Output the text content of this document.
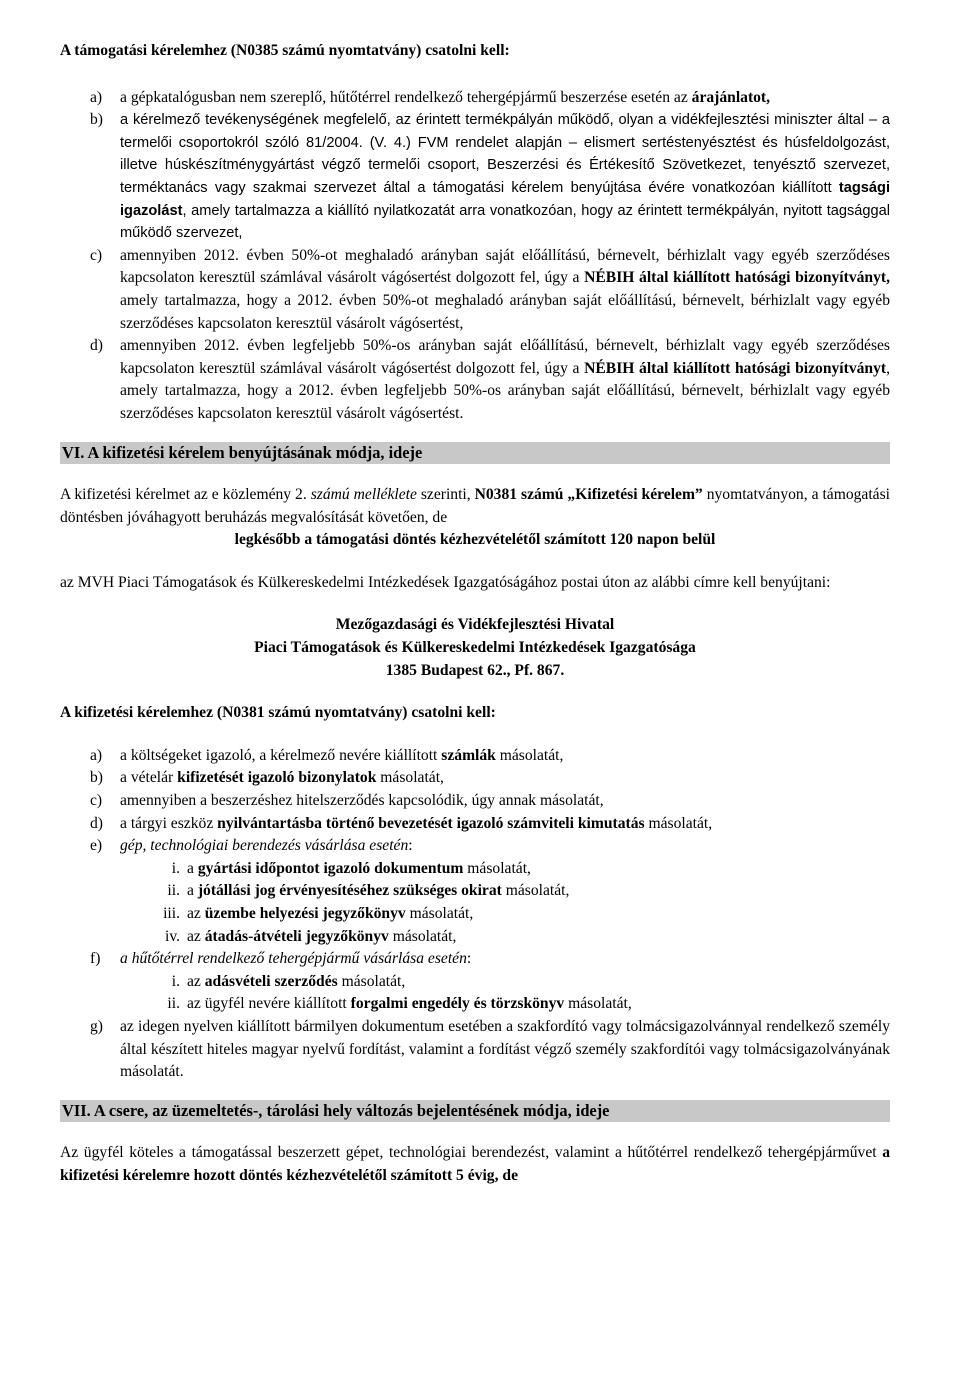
A támogatási kérelemhez (N0385 számú nyomtatvány) csatolni kell:

a)	a gépkatalógusban nem szereplő, hűtőtérrel rendelkező tehergépjármű beszerzése esetén az árajánlatot,
b)	a kérelmező tevékenységének megfelelő, az érintett termékpályán működő, olyan a vidékfejlesztési miniszter által – a termelői csoportokról szóló 81/2004. (V. 4.) FVM rendelet alapján – elismert sertéstenyésztést és húsfeldolgozást, illetve húskészítménygyártást végző termelői csoport, Beszerzési és Értékesítő Szövetkezet, tenyésztő szervezet, terméktanács vagy szakmai szervezet által a támogatási kérelem benyújtása évére vonatkozóan kiállított tagsági igazolást, amely tartalmazza a kiállító nyilatkozatát arra vonatkozóan, hogy az érintett termékpályán, nyitott tagsággal működő szervezet,
c)	amennyiben 2012. évben 50%-ot meghaladó arányban saját előállítású, bérnevelt, bérhizlalt vagy egyéb szerződéses kapcsolaton keresztül számlával vásárolt vágósertést dolgozott fel, úgy a NÉBIH által kiállított hatósági bizonyítványt, amely tartalmazza, hogy a 2012. évben 50%-ot meghaladó arányban saját előállítású, bérnevelt, bérhizlalt vagy egyéb szerződéses kapcsolaton keresztül vásárolt vágósertést,
d)	amennyiben 2012. évben legfeljebb 50%-os arányban saját előállítású, bérnevelt, bérhizlalt vagy egyéb szerződéses kapcsolaton keresztül számlával vásárolt vágósertést dolgozott fel, úgy a NÉBIH által kiállított hatósági bizonyítványt, amely tartalmazza, hogy a 2012. évben legfeljebb 50%-os arányban saját előállítású, bérnevelt, bérhizlalt vagy egyéb szerződéses kapcsolaton keresztül vásárolt vágósertést.
VI. A kifizetési kérelem benyújtásának módja, ideje

A kifizetési kérelmet az e közlemény 2. számú melléklete szerinti, N0381 számú „Kifizetési kérelem” nyomtatványon, a támogatási döntésben jóváhagyott beruházás megvalósítását követően, de

legkésőbb a támogatási döntés kézhezvételétől számított 120 napon belül

az MVH Piaci Támogatások és Külkereskedelmi Intézkedések Igazgatóságához postai úton az alábbi címre kell benyújtani:

Mezőgazdasági és Vidékfejlesztési Hivatal
Piaci Támogatások és Külkereskedelmi Intézkedések Igazgatósága
1385 Budapest 62., Pf. 867.

A kifizetési kérelemhez (N0381 számú nyomtatvány) csatolni kell:

a)	a költségeket igazoló, a kérelmező nevére kiállított számlák másolatát,
b)	a vételár kifizetését igazoló bizonylatok másolatát,
c)	amennyiben a beszerzéshez hitelszerződés kapcsolódik, úgy annak másolatát,
d)	a tárgyi eszköz nyilvántartásba történő bevezetését igazoló számviteli kimutatás másolatát,
e)	gép, technológiai berendezés vásárlása esetén:
i. a gyártási időpontot igazoló dokumentum másolatát,
ii. a jótállási jog érvényesítéséhez szükséges okirat másolatát,
iii. az üzembe helyezési jegyzőkönyv másolatát,
iv. az átadás-átvételi jegyzőkönyv másolatát,
f)	a hűtőtérrel rendelkező tehergépjármű vásárlása esetén:
i. az adásvételi szerződés másolatát,
ii. az ügyfél nevére kiállított forgalmi engedély és törzskönyv másolatát,
g)	az idegen nyelven kiállított bármilyen dokumentum esetében a szakfordító vagy tolmácsigazolvánnyal rendelkező személy által készített hiteles magyar nyelvű fordítást, valamint a fordítást végző személy szakfordítói vagy tolmácsigazolványának másolatát.
VII. A csere, az üzemeltetés-, tárolási hely változás bejelentésének módja, ideje

Az ügyfél köteles a támogatással beszerzett gépet, technológiai berendezést, valamint a hűtőtérrel rendelkező tehergépjárművet a kifizetési kérelemre hozott döntés kézhezvételétől számított 5 évig, de
